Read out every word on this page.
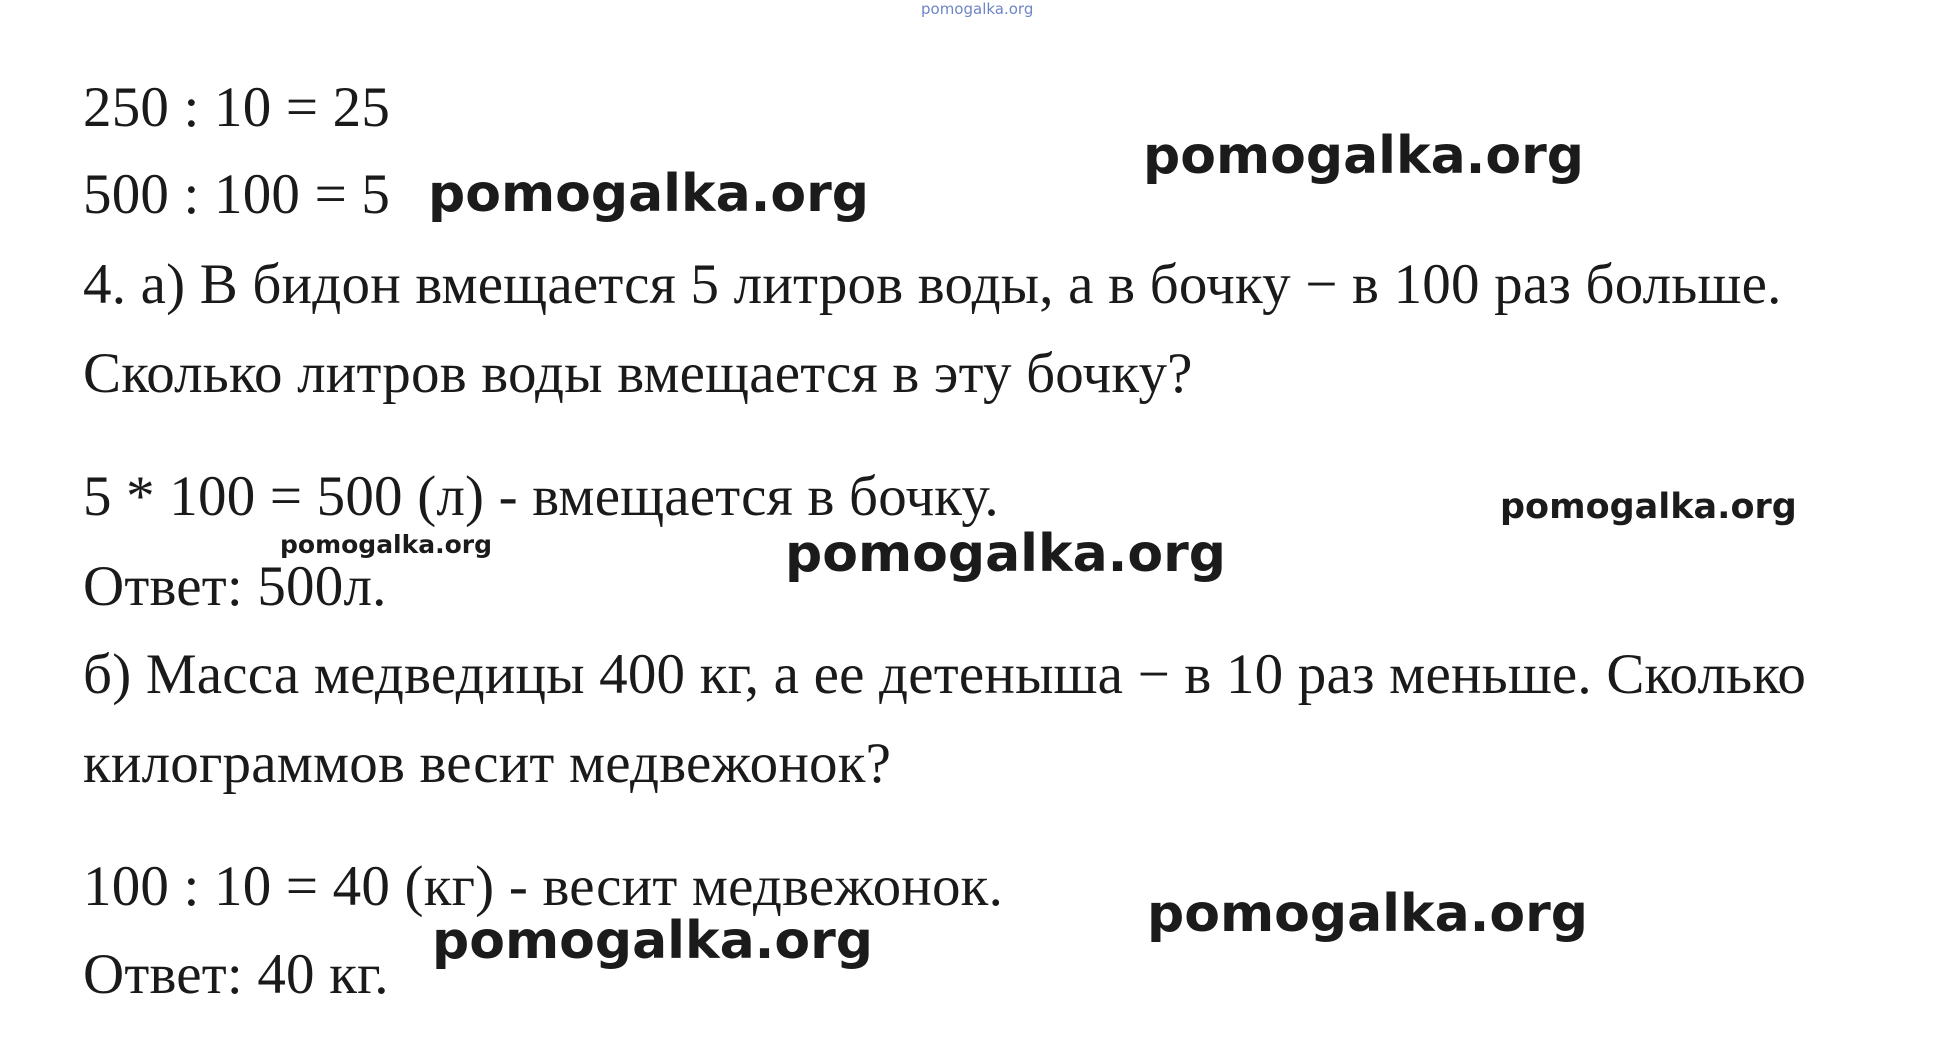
pomogalka.org
250 : 10 = 25
500 : 100 = 5
4. а) В бидон вмещается 5 литров воды, а в бочку − в 100 раз больше.
Сколько литров воды вмещается в эту бочку?
5 * 100 = 500 (л) - вмещается в бочку.
Ответ: 500л.
б) Масса медведицы 400 кг, а ее детеныша − в 10 раз меньше. Сколько
килограммов весит медвежонок?
100 : 10 = 40 (кг) - весит медвежонок.
Ответ: 40 кг.
pomogalka.org
pomogalka.org
pomogalka.org
pomogalka.org	pomogalka.org
pomogalka.org
pomogalka.org
